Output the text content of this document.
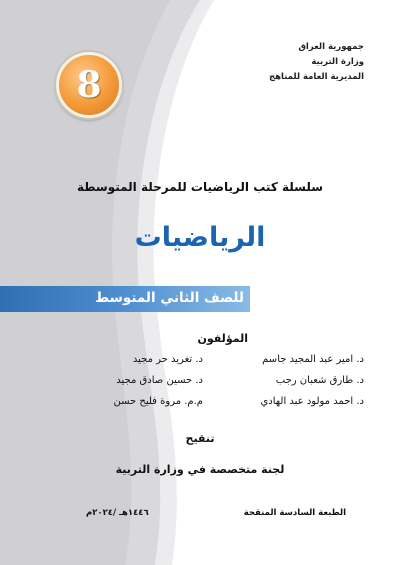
جمهورية العراق
وزارة التربية
المديرية العامة للمناهج
8
سلسلة كتب الرياضيات للمرحلة المتوسطة
الرياضيات
للصف الثاني المتوسط
المؤلفون
د. امير عبد المجيد جاسم
د. طارق شعبان رجب
د. احمد مولود عبد الهادي
د. تغريد حر مجيد
د. حسين صادق مجيد
م.م. مروة فليح حسن
تنقيح
لجنة متخصصة في وزارة التربية
الطبعة السادسة المنقحة
١٤٤٦هـ /٢٠٢٤م
